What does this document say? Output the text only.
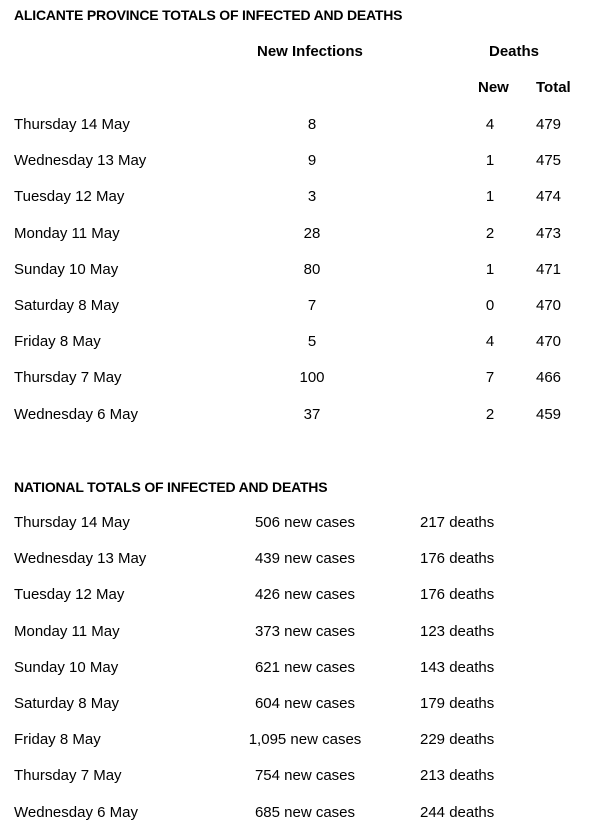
ALICANTE PROVINCE TOTALS OF INFECTED AND DEATHS
New Infections	Deaths
New Total
Thursday 14 May	8	4	479
Wednesday 13 May	9	1	475
Tuesday 12 May	3	1	474
Monday 11 May	28	2	473
Sunday 10 May	80	1	471
Saturday 8 May	7	0	470
Friday 8 May	5	4	470
Thursday 7 May	100	7	466
Wednesday 6 May	37	2	459
NATIONAL TOTALS OF INFECTED AND DEATHS
Thursday 14 May	506 new cases	217 deaths
Wednesday 13 May	439 new cases	176 deaths
Tuesday 12 May	426 new cases	176 deaths
Monday 11 May	373 new cases	123 deaths
Sunday 10 May	621 new cases	143 deaths
Saturday 8 May	604 new cases	179 deaths
Friday 8 May	1,095 new cases	229 deaths
Thursday 7 May	754 new cases	213 deaths
Wednesday 6 May	685 new cases	244 deaths
